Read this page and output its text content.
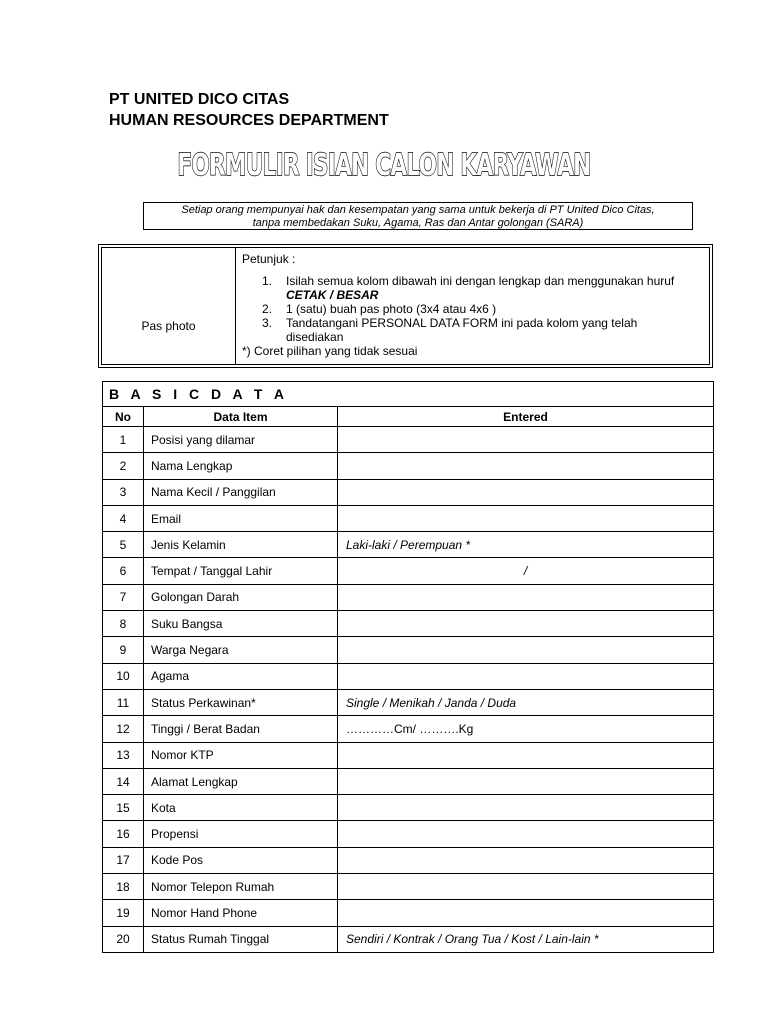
PT UNITED DICO CITAS
HUMAN RESOURCES DEPARTMENT
FORMULIR ISIAN CALON KARYAWAN
Setiap orang mempunyai hak dan kesempatan yang sama untuk bekerja di PT United Dico Citas,
tanpa membedakan Suku, Agama, Ras dan Antar golongan (SARA)
Pas photo
Petunjuk :
1.	Isilah semua kolom dibawah ini dengan lengkap dan menggunakan huruf CETAK / BESAR
2.	1 (satu) buah pas photo (3x4 atau 4x6 )
3.	Tandatangani PERSONAL DATA FORM ini pada kolom yang telah disediakan
*) Coret pilihan yang tidak sesuai
B A S I C D A T A		
No	Data Item	Entered
1	Posisi yang dilamar	
2	Nama Lengkap	
3	Nama Kecil / Panggilan	
4	Email	
5	Jenis Kelamin	Laki-laki / Perempuan *
6	Tempat / Tanggal Lahir	/
7	Golongan Darah	
8	Suku Bangsa	
9	Warga Negara	
10	Agama	
11	Status Perkawinan*	Single / Menikah / Janda / Duda
12	Tinggi / Berat Badan	…………Cm/ ……….Kg
13	Nomor KTP	
14	Alamat Lengkap	
15	Kota	
16	Propensi	
17	Kode Pos	
18	Nomor Telepon Rumah	
19	Nomor Hand Phone	
20	Status Rumah Tinggal	Sendiri / Kontrak / Orang Tua / Kost / Lain-lain *
